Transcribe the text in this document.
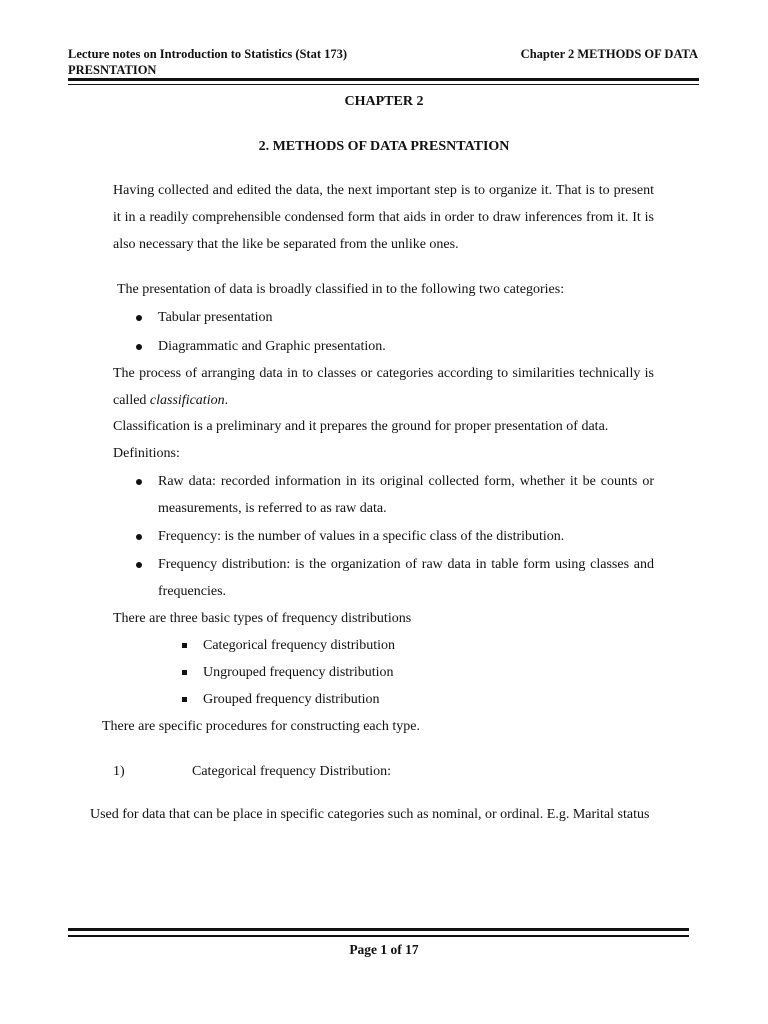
Lecture notes on Introduction to Statistics (Stat 173)
PRESNTATION
Chapter 2 METHODS OF DATA
CHAPTER 2
2. METHODS OF DATA PRESNTATION
Having collected and edited the data, the next important step is to organize it. That is to present it in a readily comprehensible condensed form that aids in order to draw inferences from it. It is also necessary that the like be separated from the unlike ones.
The presentation of data is broadly classified in to the following two categories:
Tabular presentation
Diagrammatic and Graphic presentation.
The process of arranging data in to classes or categories according to similarities technically is called classification.
Classification is a preliminary and it prepares the ground for proper presentation of data.
Definitions:
Raw data: recorded information in its original collected form, whether it be counts or measurements, is referred to as raw data.
Frequency: is the number of values in a specific class of the distribution.
Frequency distribution: is the organization of raw data in table form using classes and frequencies.
There are three basic types of frequency distributions
Categorical frequency distribution
Ungrouped frequency distribution
Grouped frequency distribution
There are specific procedures for constructing each type.
1)	Categorical frequency Distribution:
Used for data that can be place in specific categories such as nominal, or ordinal. E.g. Marital status
Page 1 of 17
